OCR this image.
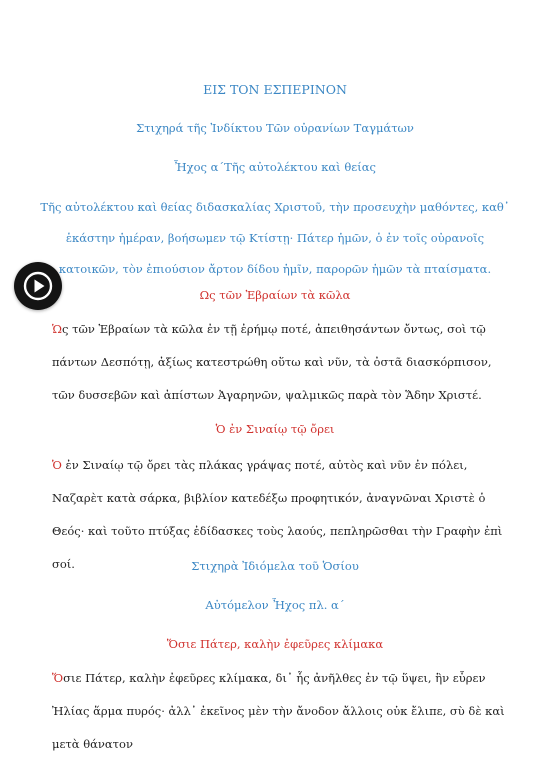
ΕΙΣ ΤΟΝ ΕΣΠΕΡΙΝΟΝ
Στιχηρά τῆς Ἰνδίκτου Τῶν οὐρανίων Ταγμάτων
Ἦχος α΄Τῆς αὐτολέκτου καὶ θείας
Τῆς αὐτολέκτου καὶ θείας διδασκαλίας Χριστοῦ, τὴν προσευχὴν μαθόντες, καθ᾿ ἑκάστην ἡμέραν, βοήσωμεν τῷ Κτίστῃ· Πάτερ ἡμῶν, ὁ ἐν τοῖς οὐρανοῖς κατοικῶν, τὸν ἐπιούσιον ἄρτον δίδου ἡμῖν, παρορῶν ἡμῶν τὰ πταίσματα.
Ως τῶν Ἑβραίων τὰ κῶλα
Ὡς τῶν Ἑβραίων τὰ κῶλα ἐν τῇ ἐρήμῳ ποτέ, ἀπειθησάντων ὄντως, σοὶ τῷ πάντων Δεσπότῃ, ἀξίως κατεστρώθη οὕτω καὶ νῦν, τὰ ὀστᾶ διασκόρπισον, τῶν δυσσεβῶν καὶ ἀπίστων Ἀγαρηνῶν, ψαλμικῶς παρὰ τὸν Ἅδην Χριστέ.
Ὁ ἐν Σιναίῳ τῷ ὄρει
Ὁ ἐν Σιναίῳ τῷ ὄρει τὰς πλάκας γράψας ποτέ, αὐτὸς καὶ νῦν ἐν πόλει, Ναζαρὲτ κατὰ σάρκα, βιβλίον κατεδέξω προφητικόν, ἀναγνῶναι Χριστὲ ὁ Θεός· καὶ τοῦτο πτύξας ἐδίδασκες τοὺς λαούς, πεπληρῶσθαι τὴν Γραφὴν ἐπὶ σοί.	Στιχηρὰ Ἰδιόμελα τοῦ Ὁσίου
Αὐτόμελον Ἦχος πλ. α΄
Ὅσιε Πάτερ, καλὴν ἐφεῦρες κλίμακα
Ὅσιε Πάτερ, καλὴν ἐφεῦρες κλίμακα, δι᾿ ἧς ἀνῆλθες ἐν τῷ ὕψει, ἣν εὗρεν Ἠλίας ἅρμα πυρός· ἀλλ᾿ ἐκεῖνος μὲν τὴν ἄνοδον ἄλλοις οὐκ ἔλιπε, σὺ δὲ καὶ μετὰ θάνατον
